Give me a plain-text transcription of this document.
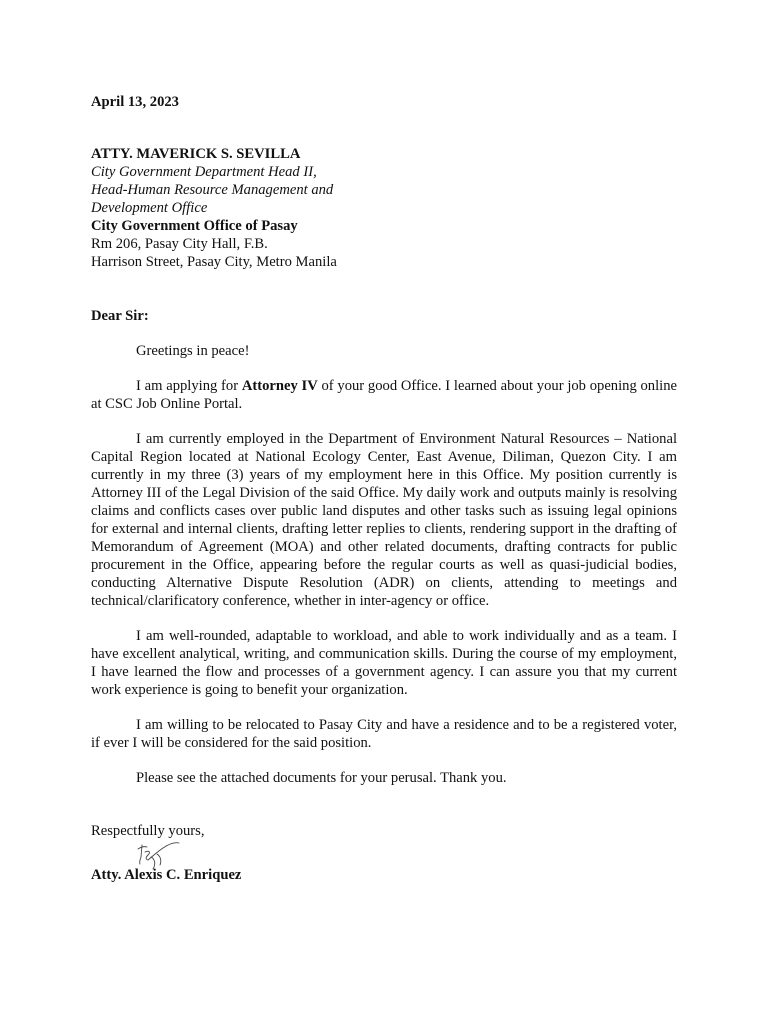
April 13, 2023

ATTY. MAVERICK S. SEVILLA

City Government Department Head II,

Head-Human Resource Management and

Development Office

City Government Office of Pasay

Rm 206, Pasay City Hall, F.B.

Harrison Street, Pasay City, Metro Manila

Dear Sir:

Greetings in peace!

I am applying for Attorney IV of your good Office. I learned about your job opening online at CSC Job Online Portal.

I am currently employed in the Department of Environment Natural Resources – National Capital Region located at National Ecology Center, East Avenue, Diliman, Quezon City. I am currently in my three (3) years of my employment here in this Office. My position currently is Attorney III of the Legal Division of the said Office. My daily work and outputs mainly is resolving claims and conflicts cases over public land disputes and other tasks such as issuing legal opinions for external and internal clients, drafting letter replies to clients, rendering support in the drafting of Memorandum of Agreement (MOA) and other related documents, drafting contracts for public procurement in the Office, appearing before the regular courts as well as quasi-judicial bodies, conducting Alternative Dispute Resolution (ADR) on clients, attending to meetings and technical/clarificatory conference, whether in inter-agency or office.

I am well-rounded, adaptable to workload, and able to work individually and as a team. I have excellent analytical, writing, and communication skills. During the course of my employment, I have learned the flow and processes of a government agency. I can assure you that my current work experience is going to benefit your organization.

I am willing to be relocated to Pasay City and have a residence and to be a registered voter, if ever I will be considered for the said position.

Please see the attached documents for your perusal. Thank you.

Respectfully yours,

Atty. Alexis C. Enriquez
